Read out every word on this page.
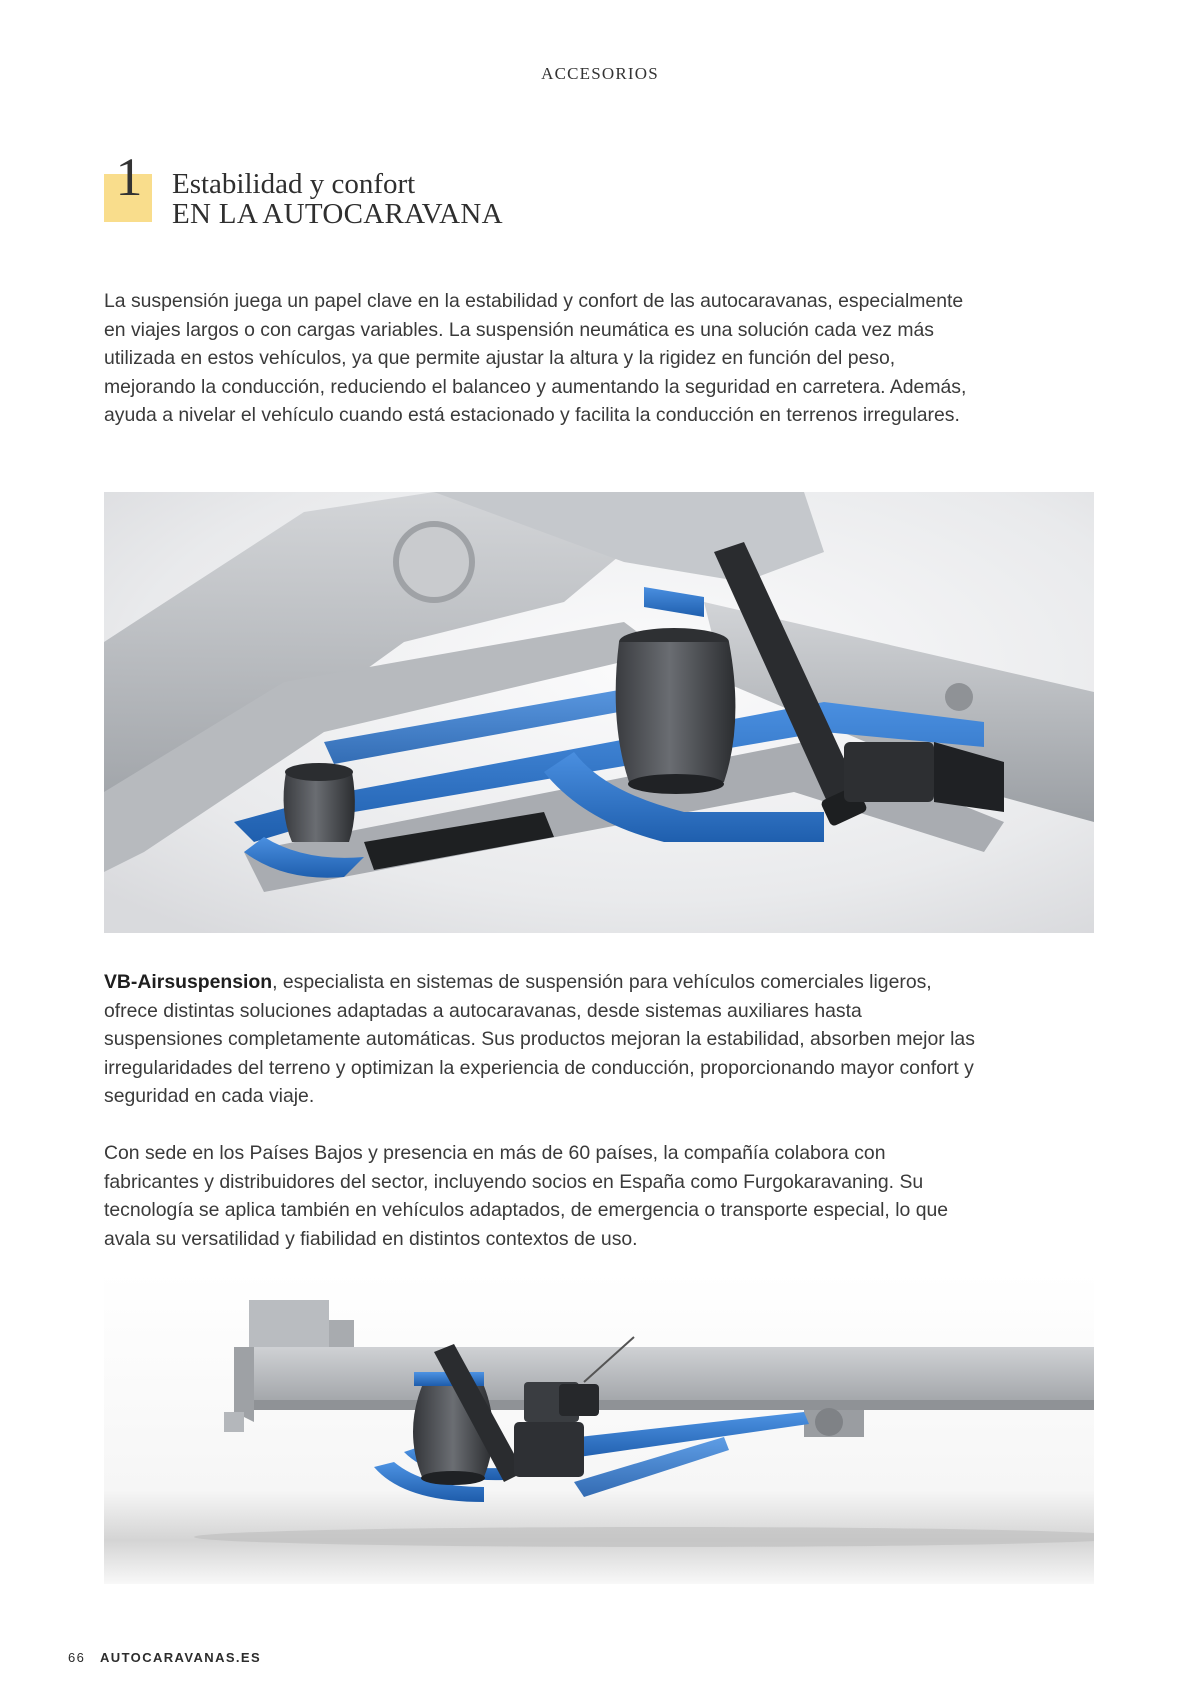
ACCESORIOS
1 Estabilidad y confort
EN LA AUTOCARAVANA

La suspensión juega un papel clave en la estabilidad y confort de las autocaravanas, especialmente en viajes largos o con cargas variables. La suspensión neumática es una solución cada vez más utilizada en estos vehículos, ya que permite ajustar la altura y la rigidez en función del peso, mejorando la conducción, reduciendo el balanceo y aumentando la seguridad en carretera. Además, ayuda a nivelar el vehículo cuando está estacionado y facilita la conducción en terrenos irregulares.

VB-Airsuspension, especialista en sistemas de suspensión para vehículos comerciales ligeros, ofrece distintas soluciones adaptadas a autocaravanas, desde sistemas auxiliares hasta suspensiones completamente automáticas. Sus productos mejoran la estabilidad, absorben mejor las irregularidades del terreno y optimizan la experiencia de conducción, proporcionando mayor confort y seguridad en cada viaje.

Con sede en los Países Bajos y presencia en más de 60 países, la compañía colabora con fabricantes y distribuidores del sector, incluyendo socios en España como Furgokaravaning. Su tecnología se aplica también en vehículos adaptados, de emergencia o transporte especial, lo que avala su versatilidad y fiabilidad en distintos contextos de uso.

66 AUTOCARAVANAS.ES
